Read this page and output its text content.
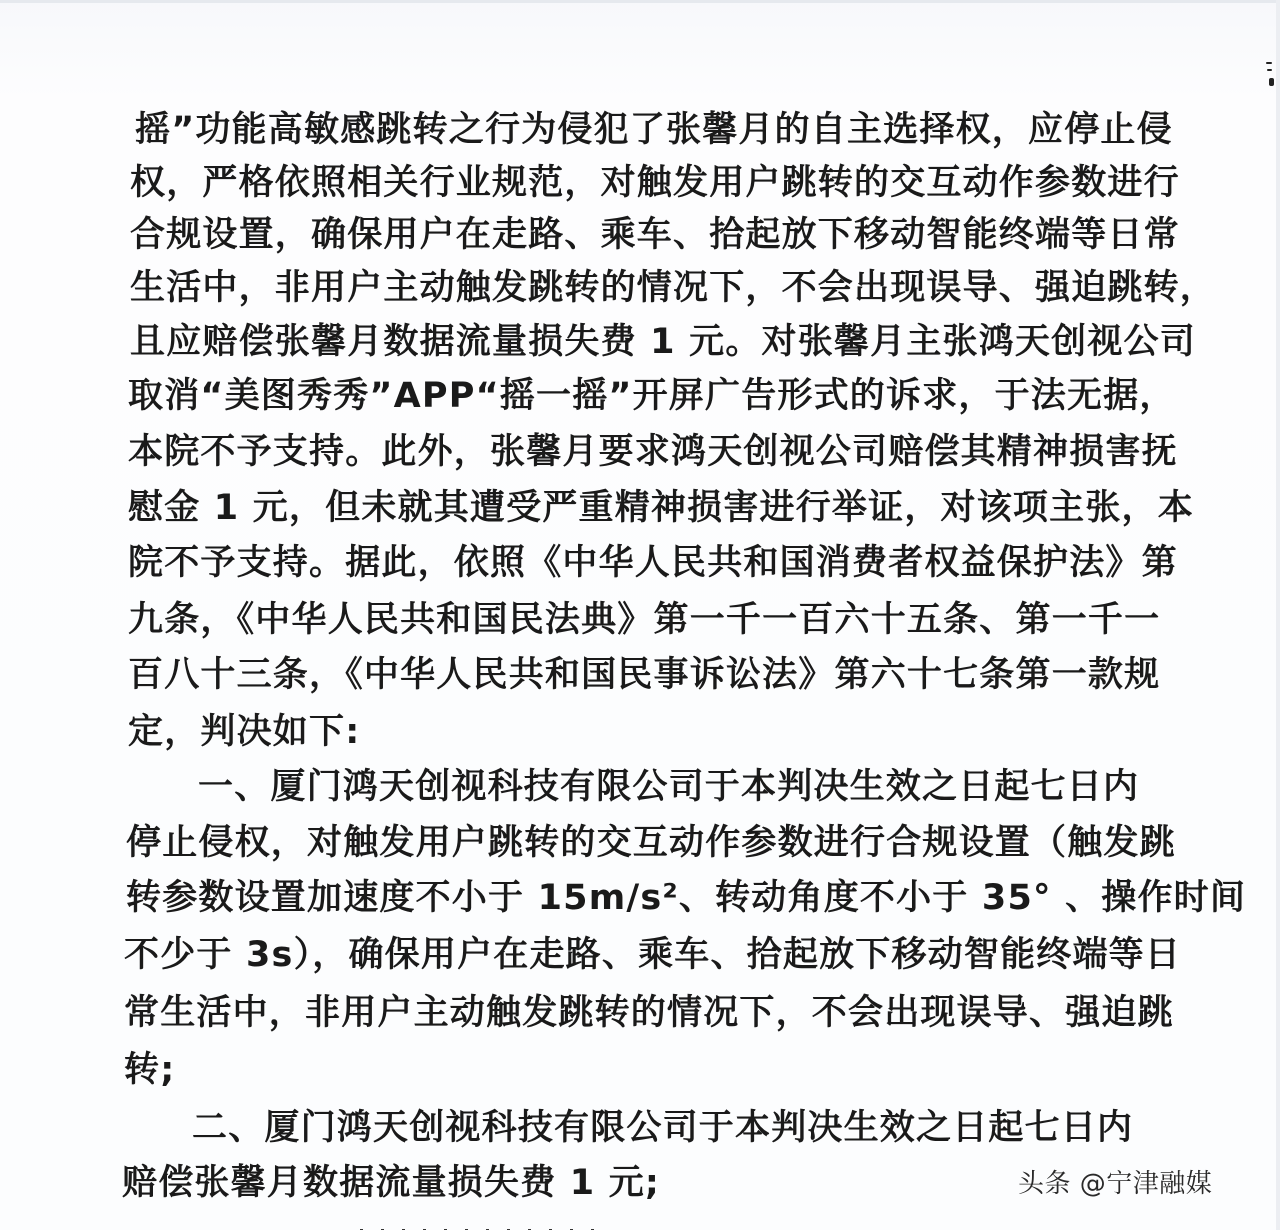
摇”功能高敏感跳转之行为侵犯了张馨月的自主选择权，应停止侵
权，严格依照相关行业规范，对触发用户跳转的交互动作参数进行
合规设置，确保用户在走路、乘车、拾起放下移动智能终端等日常
生活中，非用户主动触发跳转的情况下，不会出现误导、强迫跳转，
且应赔偿张馨月数据流量损失费 1 元。对张馨月主张鸿天创视公司
取消“美图秀秀”APP“摇一摇”开屏广告形式的诉求，于法无据，
本院不予支持。此外，张馨月要求鸿天创视公司赔偿其精神损害抚
慰金 1 元，但未就其遭受严重精神损害进行举证，对该项主张，本
院不予支持。据此，依照《中华人民共和国消费者权益保护法》第
九条，《中华人民共和国民法典》第一千一百六十五条、第一千一
百八十三条，《中华人民共和国民事诉讼法》第六十七条第一款规
定，判决如下:
一、厦门鸿天创视科技有限公司于本判决生效之日起七日内
停止侵权，对触发用户跳转的交互动作参数进行合规设置（触发跳
转参数设置加速度不小于 15m/s²、转动角度不小于 35° 、操作时间
不少于 3s），确保用户在走路、乘车、拾起放下移动智能终端等日
常生活中，非用户主动触发跳转的情况下，不会出现误导、强迫跳
转;
二、厦门鸿天创视科技有限公司于本判决生效之日起七日内
赔偿张馨月数据流量损失费 1 元;	头条 @宁津融媒
